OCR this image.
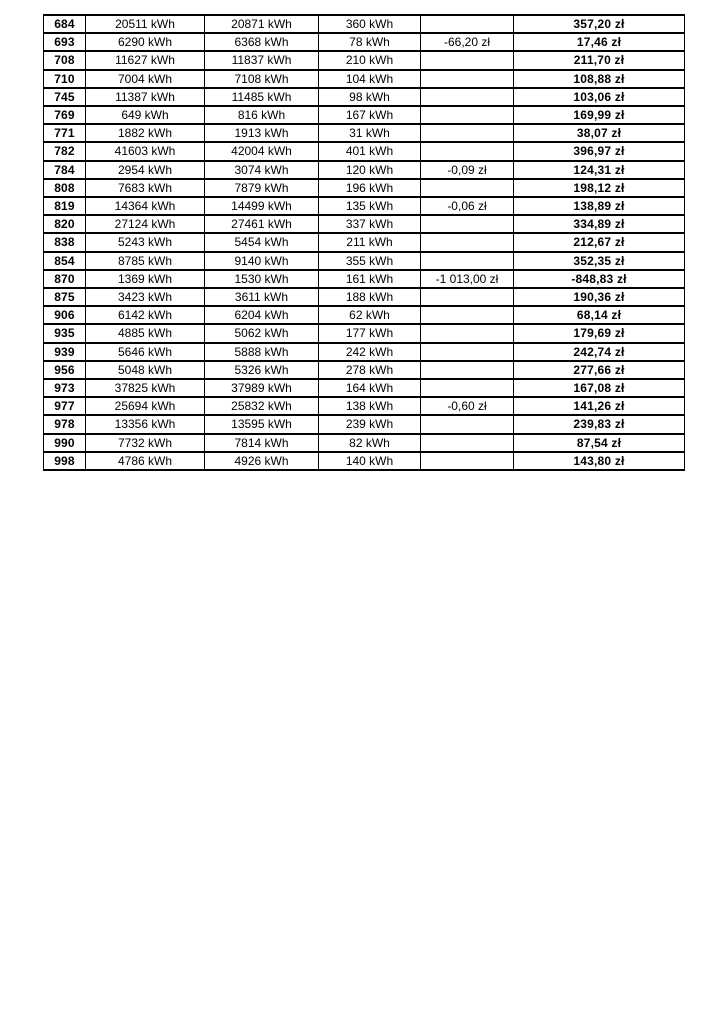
684	20511 kWh	20871 kWh	360 kWh		357,20 zł
693	6290 kWh	6368 kWh	78 kWh	-66,20 zł	17,46 zł
708	11627 kWh	11837 kWh	210 kWh		211,70 zł
710	7004 kWh	7108 kWh	104 kWh		108,88 zł
745	11387 kWh	11485 kWh	98 kWh		103,06 zł
769	649 kWh	816 kWh	167 kWh		169,99 zł
771	1882 kWh	1913 kWh	31 kWh		38,07 zł
782	41603 kWh	42004 kWh	401 kWh		396,97 zł
784	2954 kWh	3074 kWh	120 kWh	-0,09 zł	124,31 zł
808	7683 kWh	7879 kWh	196 kWh		198,12 zł
819	14364 kWh	14499 kWh	135 kWh	-0,06 zł	138,89 zł
820	27124 kWh	27461 kWh	337 kWh		334,89 zł
838	5243 kWh	5454 kWh	211 kWh		212,67 zł
854	8785 kWh	9140 kWh	355 kWh		352,35 zł
870	1369 kWh	1530 kWh	161 kWh	-1 013,00 zł	-848,83 zł
875	3423 kWh	3611 kWh	188 kWh		190,36 zł
906	6142 kWh	6204 kWh	62 kWh		68,14 zł
935	4885 kWh	5062 kWh	177 kWh		179,69 zł
939	5646 kWh	5888 kWh	242 kWh		242,74 zł
956	5048 kWh	5326 kWh	278 kWh		277,66 zł
973	37825 kWh	37989 kWh	164 kWh		167,08 zł
977	25694 kWh	25832 kWh	138 kWh	-0,60 zł	141,26 zł
978	13356 kWh	13595 kWh	239 kWh		239,83 zł
990	7732 kWh	7814 kWh	82 kWh		87,54 zł
998	4786 kWh	4926 kWh	140 kWh		143,80 zł
